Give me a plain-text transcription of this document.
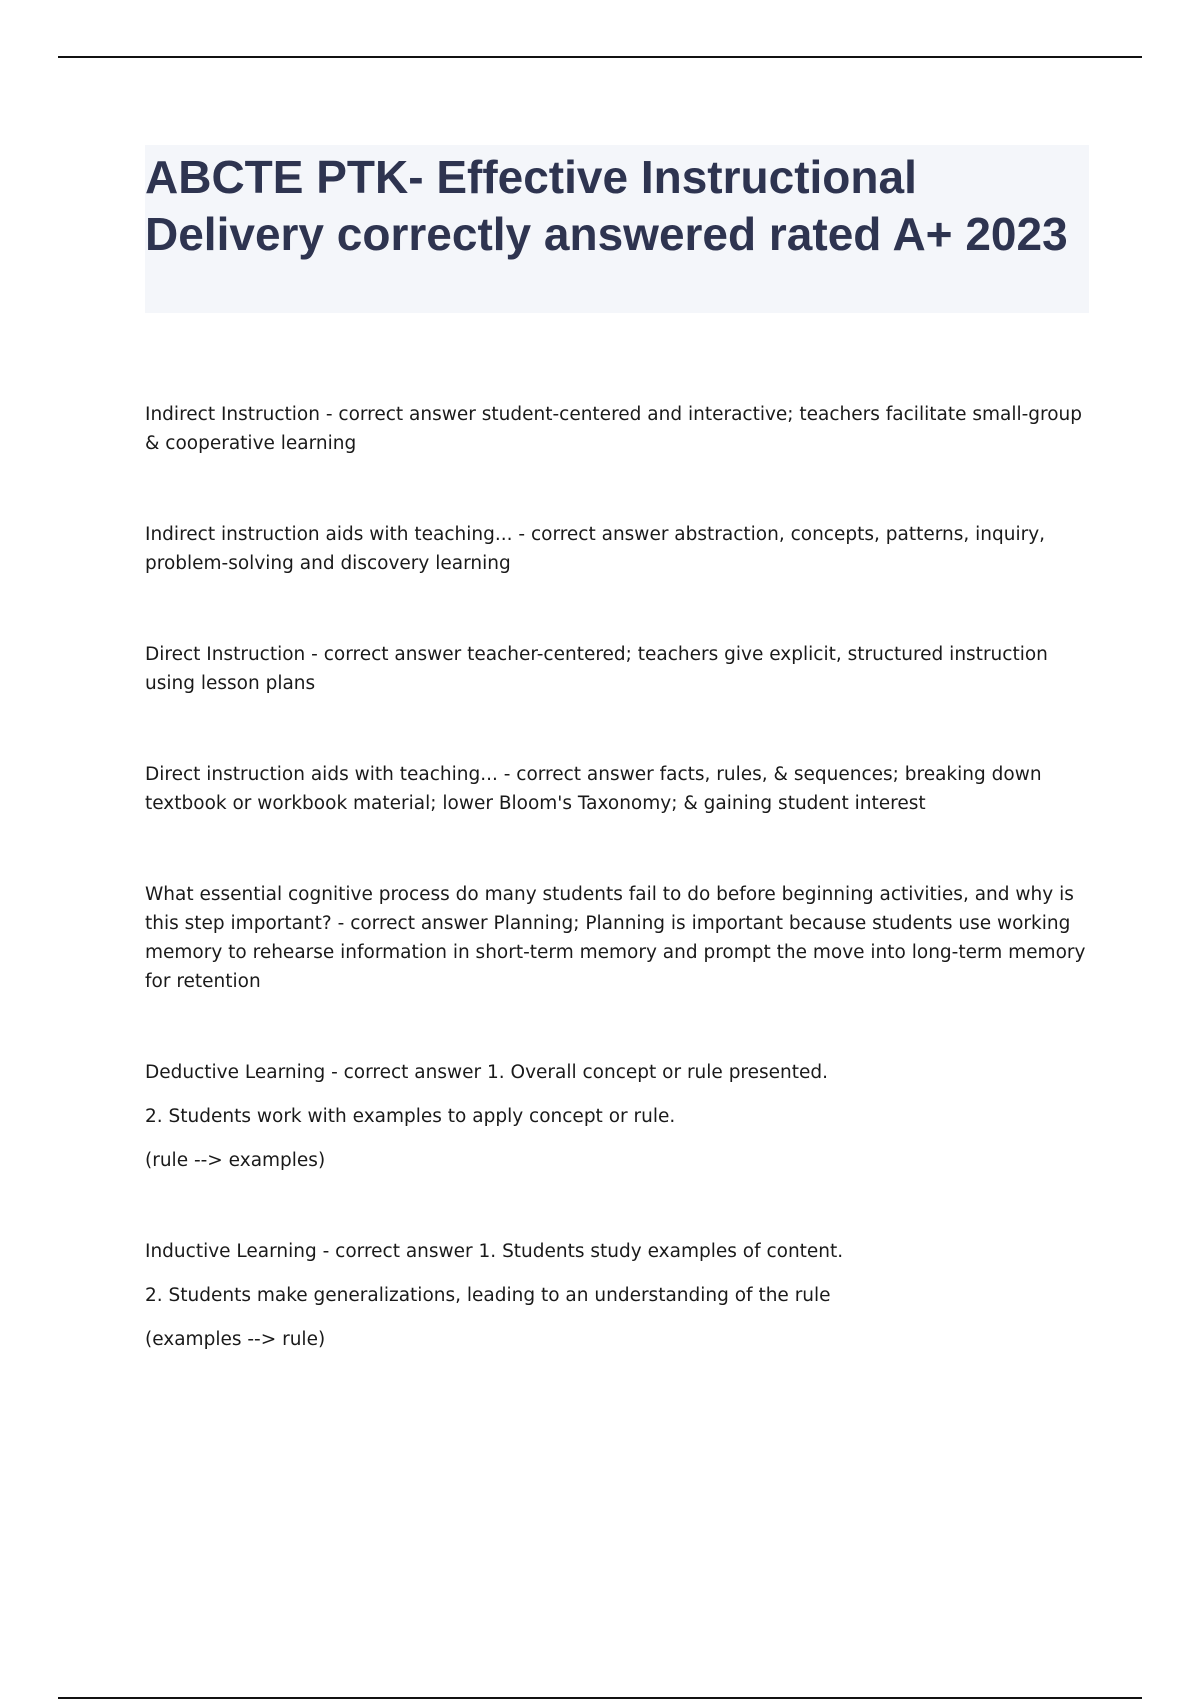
ABCTE PTK- Effective Instructional Delivery correctly answered rated A+ 2023

Indirect Instruction - correct answer student-centered and interactive; teachers facilitate small-group & cooperative learning

Indirect instruction aids with teaching... - correct answer abstraction, concepts, patterns, inquiry, problem-solving and discovery learning

Direct Instruction - correct answer teacher-centered; teachers give explicit, structured instruction using lesson plans

Direct instruction aids with teaching... - correct answer facts, rules, & sequences; breaking down textbook or workbook material; lower Bloom's Taxonomy; & gaining student interest

What essential cognitive process do many students fail to do before beginning activities, and why is this step important? - correct answer Planning; Planning is important because students use working memory to rehearse information in short-term memory and prompt the move into long-term memory for retention

Deductive Learning - correct answer 1. Overall concept or rule presented.

2. Students work with examples to apply concept or rule.

(rule --> examples)

Inductive Learning - correct answer 1. Students study examples of content.

2. Students make generalizations, leading to an understanding of the rule

(examples --> rule)
